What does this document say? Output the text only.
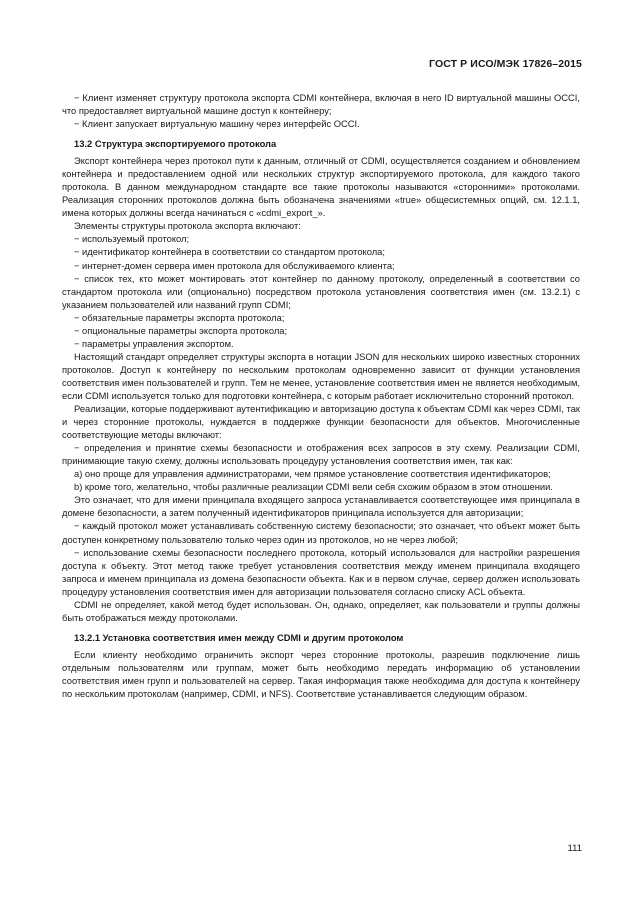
ГОСТ Р ИСО/МЭК 17826–2015

− Клиент изменяет структуру протокола экспорта CDMI контейнера, включая в него ID виртуальной машины OCCI, что предоставляет виртуальной машине доступ к контейнеру;

− Клиент запускает виртуальную машину через интерфейс OCCI.

13.2 Структура экспортируемого протокола

Экспорт контейнера через протокол пути к данным, отличный от CDMI, осуществляется созданием и обновлением контейнера и предоставлением одной или нескольких структур экспортируемого протокола, для каждого такого протокола. В данном международном стандарте все такие протоколы называются «сторонними» протоколами. Реализация сторонних протоколов должна быть обозначена значениями «true» общесистемных опций, см. 12.1.1, имена которых должны всегда начинаться с «cdmi_export_».

Элементы структуры протокола экспорта включают:

− используемый протокол;

− идентификатор контейнера в соответствии со стандартом протокола;

− интернет-домен сервера имен протокола для обслуживаемого клиента;

− список тех, кто может монтировать этот контейнер по данному протоколу, определенный в соответствии со стандартом протокола или (опционально) посредством протокола установления соответствия имен (см. 13.2.1) с указанием пользователей или названий групп CDMI;

− обязательные параметры экспорта протокола;

− опциональные параметры экспорта протокола;

− параметры управления экспортом.

Настоящий стандарт определяет структуры экспорта в нотации JSON для нескольких широко известных сторонних протоколов. Доступ к контейнеру по нескольким протоколам одновременно зависит от функции установления соответствия имен пользователей и групп. Тем не менее, установление соответствия имен не является необходимым, если CDMI используется только для подготовки контейнера, с которым работает исключительно сторонний протокол.

Реализации, которые поддерживают аутентификацию и авторизацию доступа к объектам CDMI как через CDMI, так и через сторонние протоколы, нуждается в поддержке функции безопасности для объектов. Многочисленные соответствующие методы включают:

− определения и принятие схемы безопасности и отображения всех запросов в эту схему. Реализации CDMI, принимающие такую схему, должны использовать процедуру установления соответствия имен, так как:

a) оно проще для управления администраторами, чем прямое установление соответствия идентификаторов;

b) кроме того, желательно, чтобы различные реализации CDMI вели себя схожим образом в этом отношении.

Это означает, что для имени принципала входящего запроса устанавливается соответствующее имя принципала в домене безопасности, а затем полученный идентификаторов принципала используется для авторизации;

− каждый протокол может устанавливать собственную систему безопасности; это означает, что объект может быть доступен конкретному пользователю только через один из протоколов, но не через любой;

− использование схемы безопасности последнего протокола, который использовался для настройки разрешения доступа к объекту. Этот метод также требует установления соответствия между именем принципала входящего запроса и именем принципала из домена безопасности объекта. Как и в первом случае, сервер должен использовать процедуру установления соответствия имен для авторизации пользователя согласно списку ACL объекта.

CDMI не определяет, какой метод будет использован. Он, однако, определяет, как пользователи и группы должны быть отображаться между протоколами.

13.2.1 Установка соответствия имен между CDMI и другим протоколом

Если клиенту необходимо ограничить экспорт через сторонние протоколы, разрешив подключение лишь отдельным пользователям или группам, может быть необходимо передать информацию об установлении соответствия имен групп и пользователей на сервер. Такая информация также необходима для доступа к контейнеру по нескольким протоколам (например, CDMI, и NFS). Соответствие устанавливается следующим образом.

111
